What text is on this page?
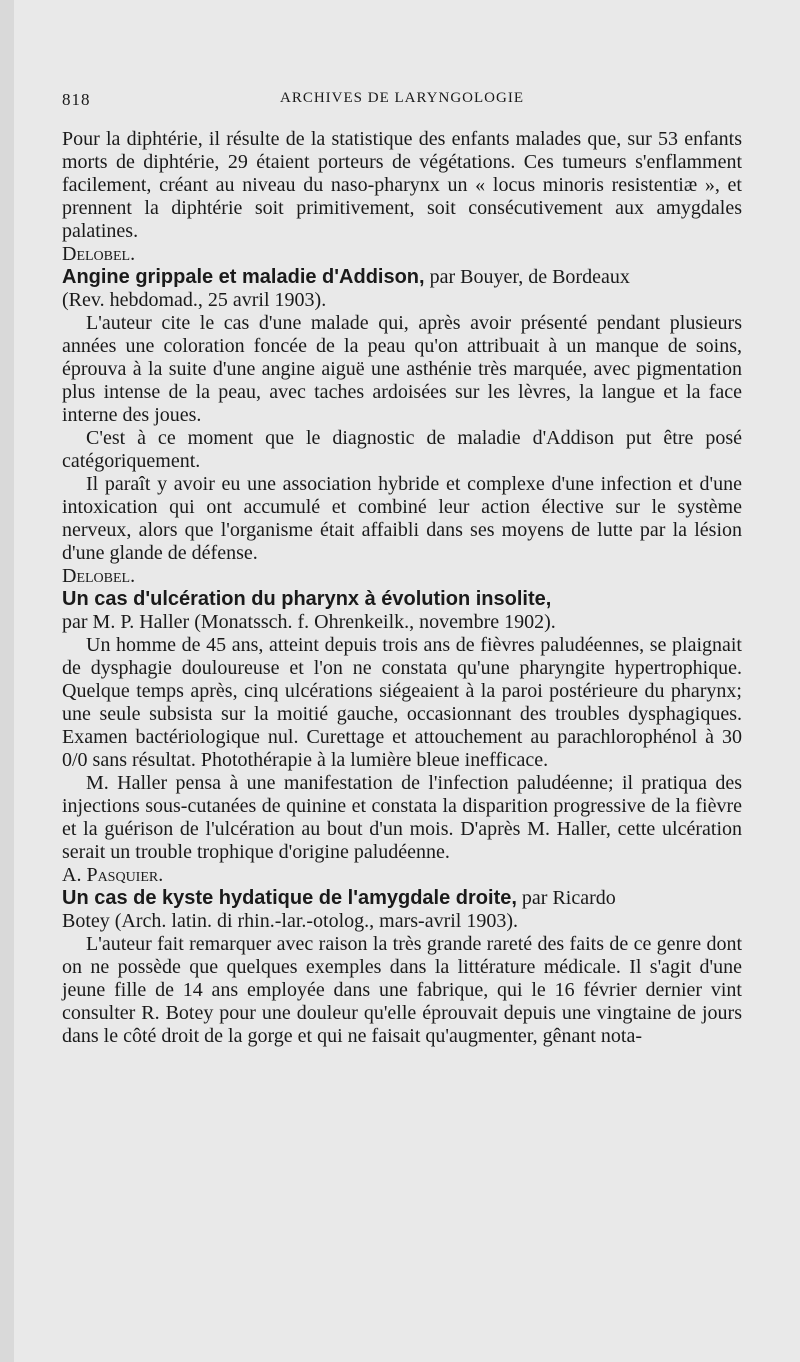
818	ARCHIVES DE LARYNGOLOGIE

Pour la diphtérie, il résulte de la statistique des enfants malades que, sur 53 enfants morts de diphtérie, 29 étaient porteurs de végétations. Ces tumeurs s'enflamment facilement, créant au niveau du naso-pharynx un « locus minoris resistentiæ », et prennent la diphtérie soit primitivement, soit consécutivement aux amygdales palatines.

Delobel.

Angine grippale et maladie d'Addison, par Bouyer, de Bordeaux

(Rev. hebdomad., 25 avril 1903).

L'auteur cite le cas d'une malade qui, après avoir présenté pendant plusieurs années une coloration foncée de la peau qu'on attribuait à un manque de soins, éprouva à la suite d'une angine aiguë une asthénie très marquée, avec pigmentation plus intense de la peau, avec taches ardoisées sur les lèvres, la langue et la face interne des joues.

C'est à ce moment que le diagnostic de maladie d'Addison put être posé catégoriquement.

Il paraît y avoir eu une association hybride et complexe d'une infection et d'une intoxication qui ont accumulé et combiné leur action élective sur le système nerveux, alors que l'organisme était affaibli dans ses moyens de lutte par la lésion d'une glande de défense.

Delobel.

Un cas d'ulcération du pharynx à évolution insolite,

par M. P. Haller (Monatssch. f. Ohrenkeilk., novembre 1902).

Un homme de 45 ans, atteint depuis trois ans de fièvres paludéennes, se plaignait de dysphagie douloureuse et l'on ne constata qu'une pharyngite hypertrophique. Quelque temps après, cinq ulcérations siégeaient à la paroi postérieure du pharynx; une seule subsista sur la moitié gauche, occasionnant des troubles dysphagiques. Examen bactériologique nul. Curettage et attouchement au parachlorophénol à 30 0/0 sans résultat. Photothérapie à la lumière bleue inefficace.

M. Haller pensa à une manifestation de l'infection paludéenne; il pratiqua des injections sous-cutanées de quinine et constata la disparition progressive de la fièvre et la guérison de l'ulcération au bout d'un mois. D'après M. Haller, cette ulcération serait un trouble trophique d'origine paludéenne.

A. Pasquier.

Un cas de kyste hydatique de l'amygdale droite, par Ricardo

Botey (Arch. latin. di rhin.-lar.-otolog., mars-avril 1903).

L'auteur fait remarquer avec raison la très grande rareté des faits de ce genre dont on ne possède que quelques exemples dans la littérature médicale. Il s'agit d'une jeune fille de 14 ans employée dans une fabrique, qui le 16 février dernier vint consulter R. Botey pour une douleur qu'elle éprouvait depuis une vingtaine de jours dans le côté droit de la gorge et qui ne faisait qu'augmenter, gênant nota-
